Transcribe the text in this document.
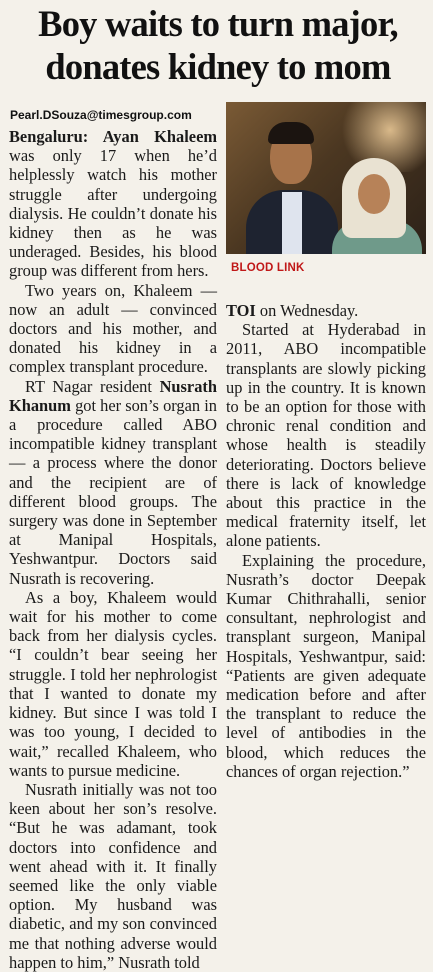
Boy waits to turn major,
donates kidney to mom
Pearl.DSouza@timesgroup.com
BLOOD LINK

Bengaluru: Ayan Khaleem was only 17 when he’d helplessly watch his mother struggle after undergoing dialysis. He couldn’t donate his kidney then as he was underaged. Besides, his blood group was different from hers.

Two years on, Khaleem — now an adult — convinced doctors and his mother, and donated his kidney in a complex transplant procedure.

RT Nagar resident Nusrath Khanum got her son’s organ in a procedure called ABO incompatible kidney transplant — a process where the donor and the recipient are of different blood groups. The surgery was done in September at Manipal Hospitals, Yeshwantpur. Doctors said Nusrath is recovering.

As a boy, Khaleem would wait for his mother to come back from her dialysis cycles. “I couldn’t bear seeing her struggle. I told her nephrologist that I wanted to donate my kidney. But since I was told I was too young, I decided to wait,” recalled Khaleem, who wants to pursue medicine.

Nusrath initially was not too keen about her son’s resolve. “But he was adamant, took doctors into confidence and went ahead with it. It finally seemed like the only viable option. My husband was diabetic, and my son convinced me that nothing adverse would happen to him,” Nusrath told

TOI on Wednesday.

Started at Hyderabad in 2011, ABO incompatible transplants are slowly picking up in the country. It is known to be an option for those with chronic renal condition and whose health is steadily deteriorating. Doctors believe there is lack of knowledge about this practice in the medical fraternity itself, let alone patients.

Explaining the procedure, Nusrath’s doctor Deepak Kumar Chithrahalli, senior consultant, nephrologist and transplant surgeon, Manipal Hospitals, Yeshwantpur, said: “Patients are given adequate medication before and after the transplant to reduce the level of antibodies in the blood, which reduces the chances of organ rejection.”
